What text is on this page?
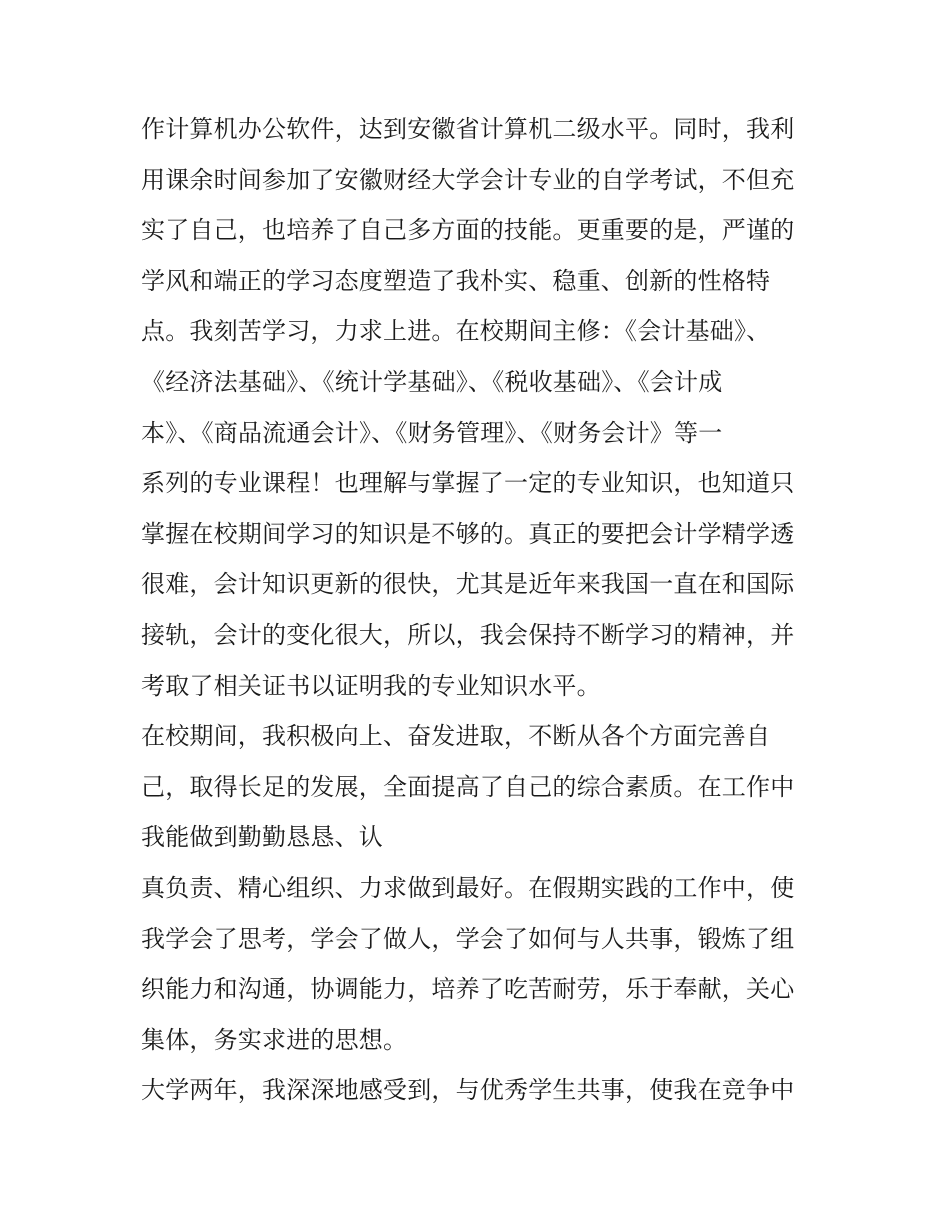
作计算机办公软件，达到安徽省计算机二级水平。同时，我利
用课余时间参加了安徽财经大学会计专业的自学考试，不但充
实了自己，也培养了自己多方面的技能。更重要的是，严谨的
学风和端正的学习态度塑造了我朴实、稳重、创新的性格特
点。我刻苦学习，力求上进。在校期间主修：《会计基础》、
《经济法基础》、《统计学基础》、《税收基础》、《会计成
本》、《商品流通会计》、《财务管理》、《财务会计》等一
系列的专业课程！也理解与掌握了一定的专业知识，也知道只
掌握在校期间学习的知识是不够的。真正的要把会计学精学透
很难，会计知识更新的很快，尤其是近年来我国一直在和国际
接轨，会计的变化很大，所以，我会保持不断学习的精神，并
考取了相关证书以证明我的专业知识水平。
在校期间，我积极向上、奋发进取，不断从各个方面完善自
己，取得长足的发展，全面提高了自己的综合素质。在工作中
我能做到勤勤恳恳、认
真负责、精心组织、力求做到最好。在假期实践的工作中，使
我学会了思考，学会了做人，学会了如何与人共事，锻炼了组
织能力和沟通，协调能力，培养了吃苦耐劳，乐于奉献，关心
集体，务实求进的思想。
大学两年，我深深地感受到，与优秀学生共事，使我在竞争中
